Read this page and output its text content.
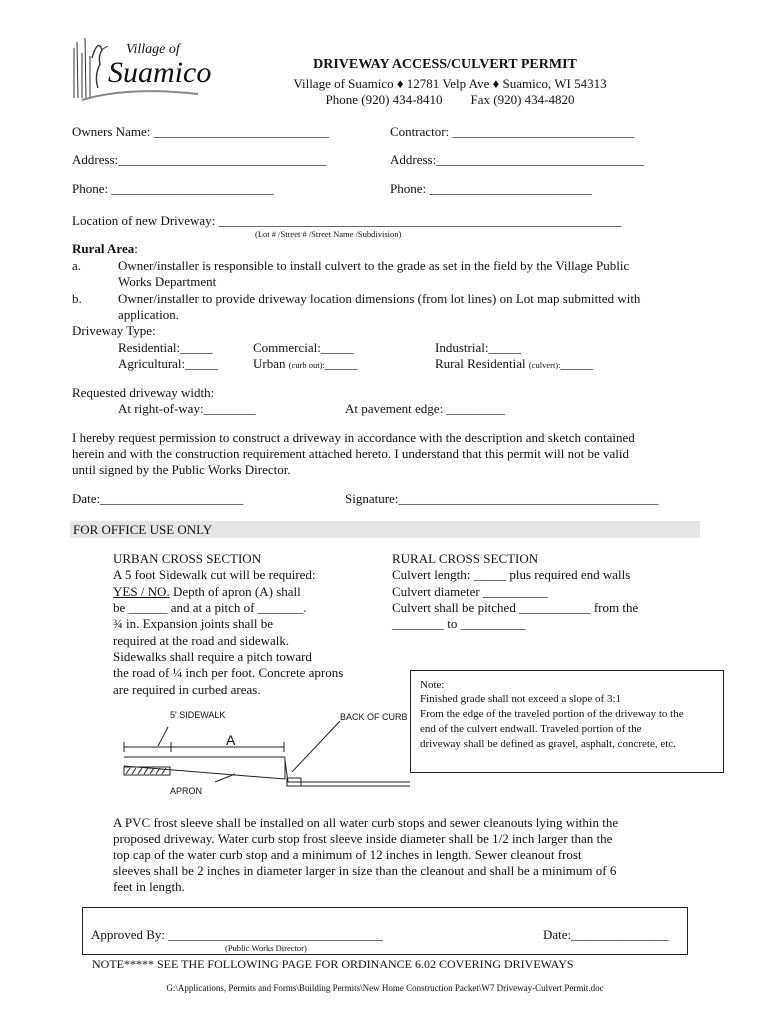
Village of
Suamico	DRIVEWAY ACCESS/CULVERT PERMIT
Village of Suamico ♦ 12781 Velp Ave ♦ Suamico, WI 54313
Phone (920) 434-8410 Fax (920) 434-4820
Owners Name: ___________________________	Contractor: ____________________________
Address:________________________________	Address:________________________________
Phone: _________________________	Phone: _________________________
Location of new Driveway: ______________________________________________________________
(Lot # /Street # /Street Name /Subdivision)
Rural Area:
a.	Owner/installer is responsible to install culvert to the grade as set in the field by the Village Public
Works Department
b.	Owner/installer to provide driveway location dimensions (from lot lines) on Lot map submitted with
application.
Driveway Type:
Residential:_____	Commercial:_____	Industrial:_____
Agricultural:_____	Urban (curb out):_____	Rural Residential (culvert):_____
Requested driveway width:
At right-of-way:________	At pavement edge: _________
I hereby request permission to construct a driveway in accordance with the description and sketch contained
herein and with the construction requirement attached hereto. I understand that this permit will not be valid
until signed by the Public Works Director.
Date:______________________	Signature:________________________________________
FOR OFFICE USE ONLY
URBAN CROSS SECTION
A 5 foot Sidewalk cut will be required:
YES / NO. Depth of apron (A) shall
be ______ and at a pitch of _______.
¾ in. Expansion joints shall be
required at the road and sidewalk.
Sidewalks shall require a pitch toward
the road of ¼ inch per foot. Concrete aprons
are required in curbed areas.
RURAL CROSS SECTION
Culvert length: _____ plus required end walls
Culvert diameter __________
Culvert shall be pitched ___________ from the
________ to __________
Note:
Finished grade shall not exceed a slope of 3:1
From the edge of the traveled portion of the driveway to the
end of the culvert endwall. Traveled portion of the
driveway shall be defined as gravel, asphalt, concrete, etc.
5' SIDEWALK
A
BACK OF CURB
APRON
A PVC frost sleeve shall be installed on all water curb stops and sewer cleanouts lying within the
proposed driveway. Water curb stop frost sleeve inside diameter shall be 1/2 inch larger than the
top cap of the water curb stop and a minimum of 12 inches in length. Sewer cleanout frost
sleeves shall be 2 inches in diameter larger in size than the cleanout and shall be a minimum of 6
feet in length.
Approved By: _________________________________	Date:_______________
(Public Works Director)
NOTE***** SEE THE FOLLOWING PAGE FOR ORDINANCE 6.02 COVERING DRIVEWAYS
G:\Applications, Permits and Forms\Building Permits\New Home Construction Packet\W7 Driveway-Culvert Permit.doc
